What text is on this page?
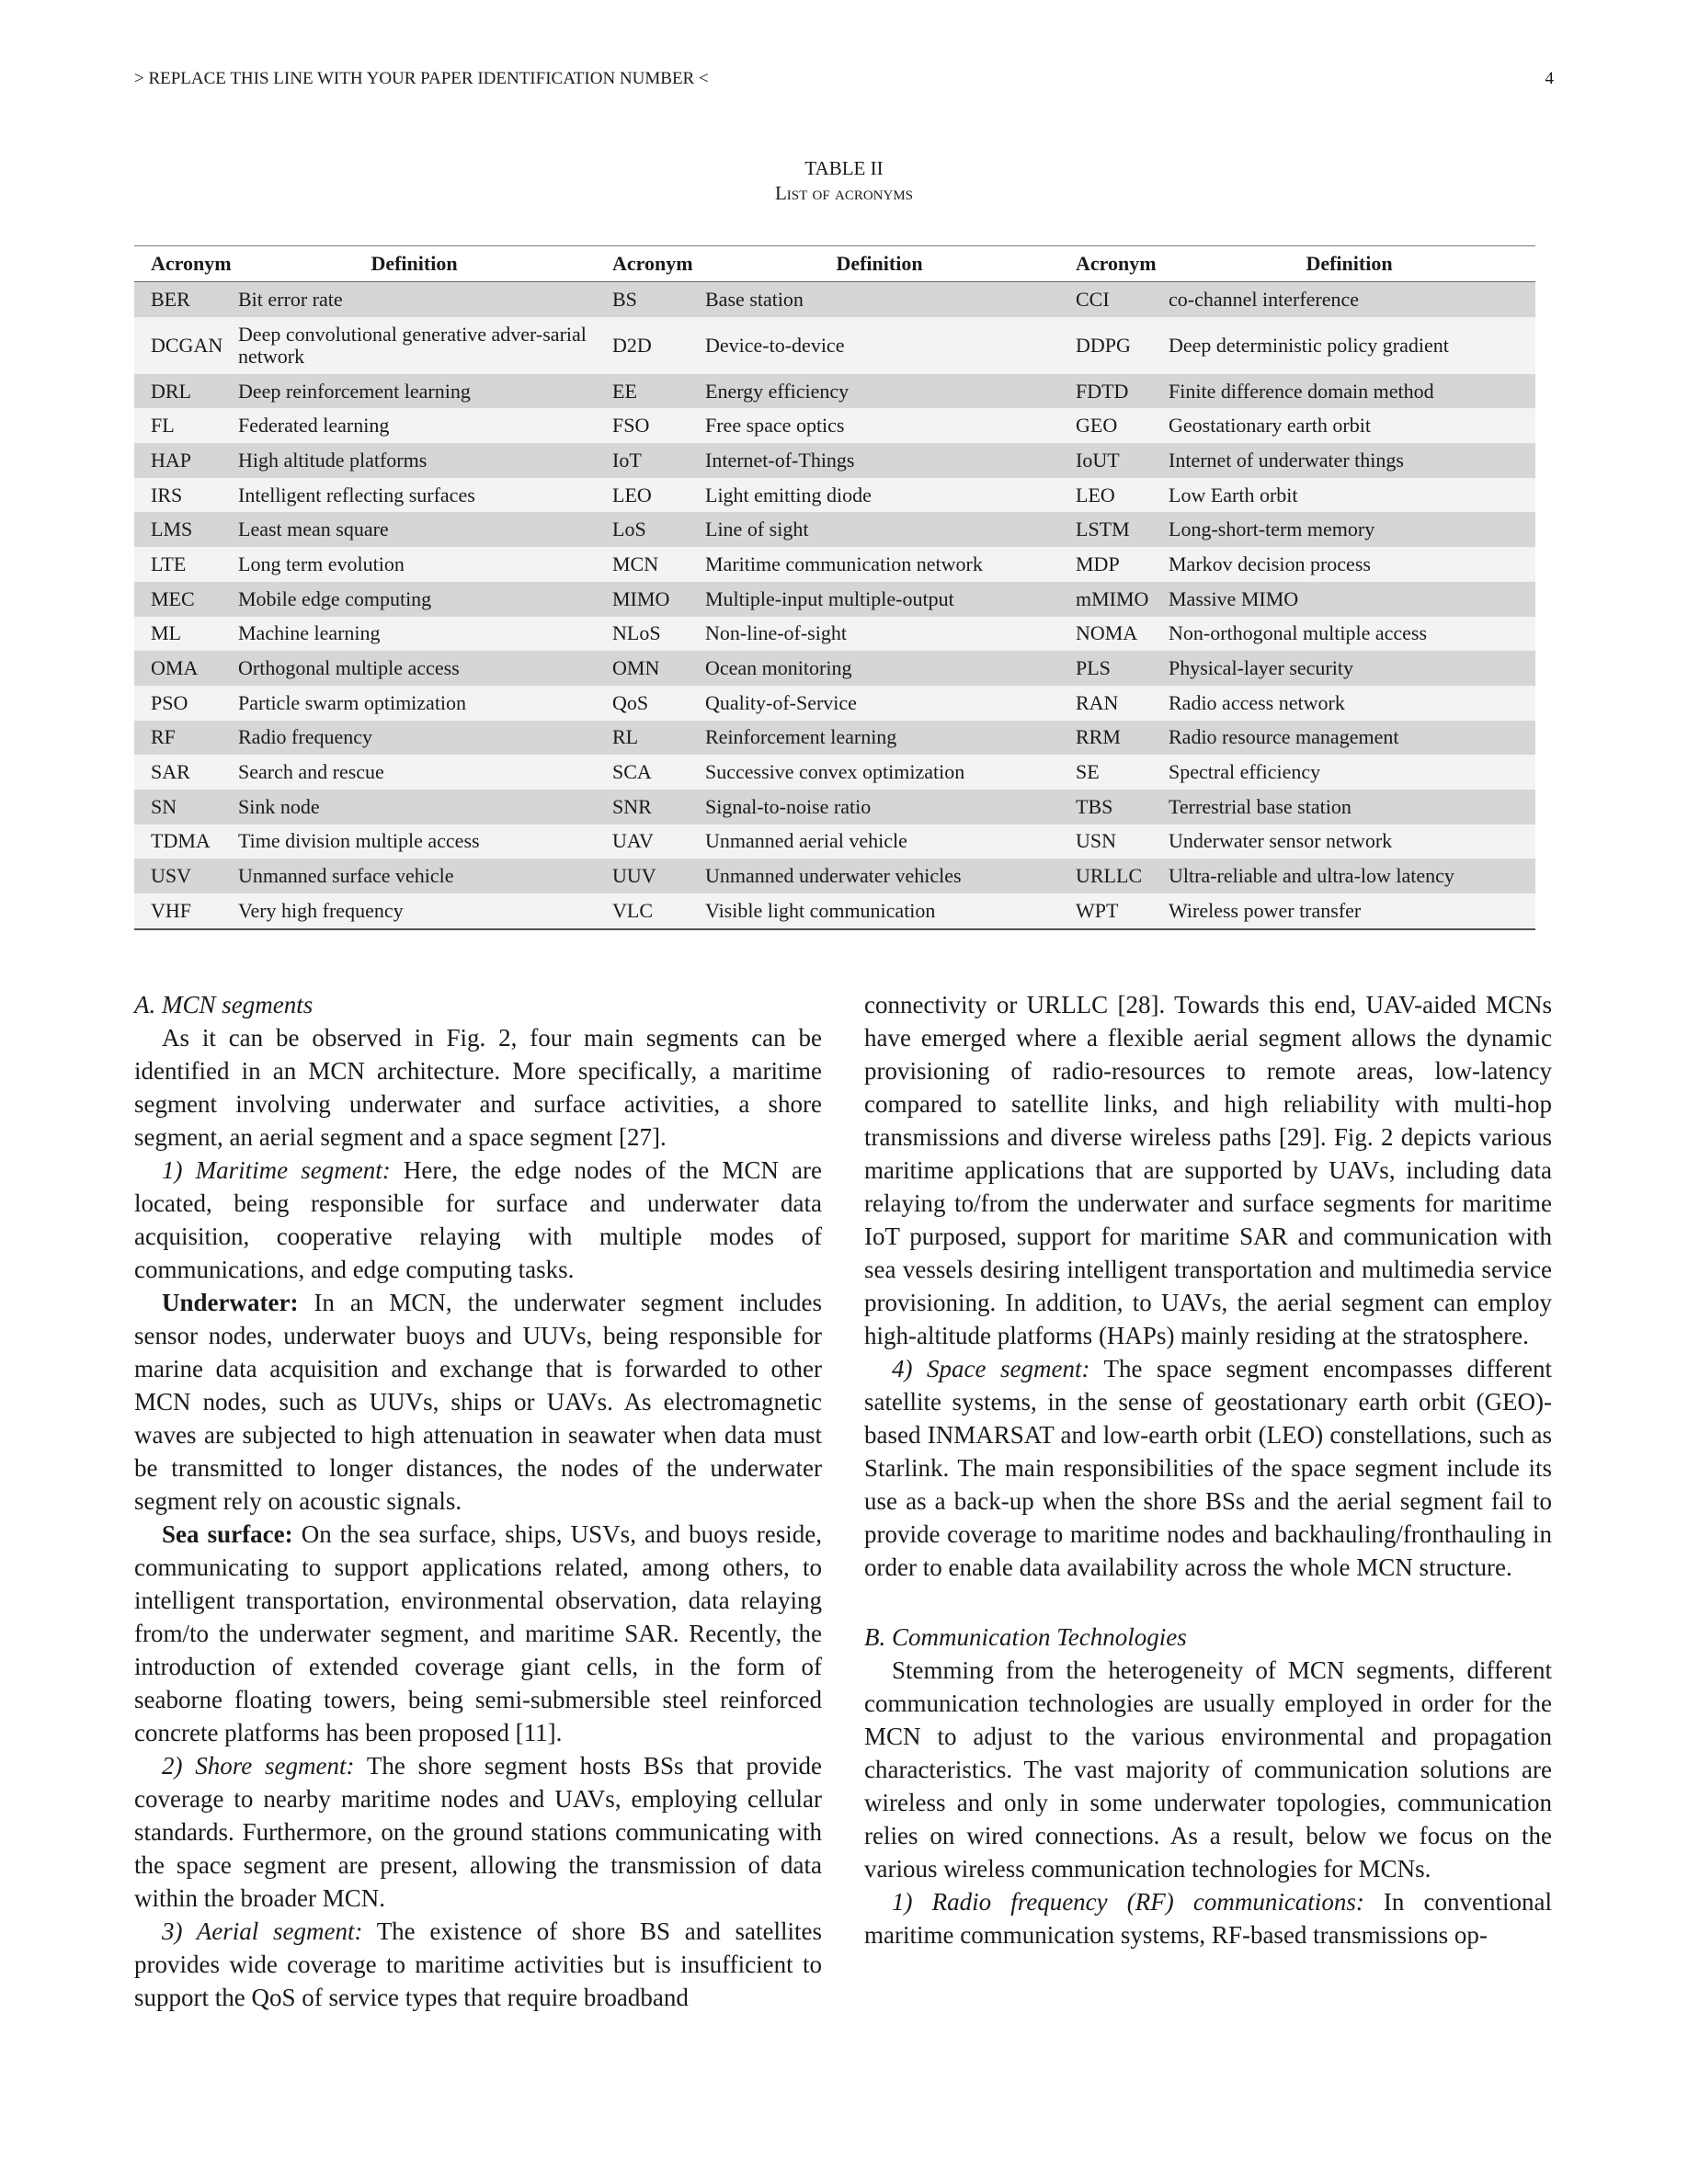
> REPLACE THIS LINE WITH YOUR PAPER IDENTIFICATION NUMBER <	4
TABLE II
List of acronyms
Acronym	Definition	Acronym	Definition	Acronym	Definition
BER	Bit error rate	BS	Base station	CCI	co-channel interference
DCGAN	Deep convolutional generative adver-sarial network	D2D	Device-to-device	DDPG	Deep deterministic policy gradient
DRL	Deep reinforcement learning	EE	Energy efficiency	FDTD	Finite difference domain method
FL	Federated learning	FSO	Free space optics	GEO	Geostationary earth orbit
HAP	High altitude platforms	IoT	Internet-of-Things	IoUT	Internet of underwater things
IRS	Intelligent reflecting surfaces	LEO	Light emitting diode	LEO	Low Earth orbit
LMS	Least mean square	LoS	Line of sight	LSTM	Long-short-term memory
LTE	Long term evolution	MCN	Maritime communication network	MDP	Markov decision process
MEC	Mobile edge computing	MIMO	Multiple-input multiple-output	mMIMO	Massive MIMO
ML	Machine learning	NLoS	Non-line-of-sight	NOMA	Non-orthogonal multiple access
OMA	Orthogonal multiple access	OMN	Ocean monitoring	PLS	Physical-layer security
PSO	Particle swarm optimization	QoS	Quality-of-Service	RAN	Radio access network
RF	Radio frequency	RL	Reinforcement learning	RRM	Radio resource management
SAR	Search and rescue	SCA	Successive convex optimization	SE	Spectral efficiency
SN	Sink node	SNR	Signal-to-noise ratio	TBS	Terrestrial base station
TDMA	Time division multiple access	UAV	Unmanned aerial vehicle	USN	Underwater sensor network
USV	Unmanned surface vehicle	UUV	Unmanned underwater vehicles	URLLC	Ultra-reliable and ultra-low latency
VHF	Very high frequency	VLC	Visible light communication	WPT	Wireless power transfer
A. MCN segments

As it can be observed in Fig. 2, four main segments can be identified in an MCN architecture. More specifically, a maritime segment involving underwater and surface activities, a shore segment, an aerial segment and a space segment [27].

1) Maritime segment: Here, the edge nodes of the MCN are located, being responsible for surface and underwater data acquisition, cooperative relaying with multiple modes of communications, and edge computing tasks.

Underwater: In an MCN, the underwater segment includes sensor nodes, underwater buoys and UUVs, being responsible for marine data acquisition and exchange that is forwarded to other MCN nodes, such as UUVs, ships or UAVs. As electromagnetic waves are subjected to high attenuation in seawater when data must be transmitted to longer distances, the nodes of the underwater segment rely on acoustic signals.

Sea surface: On the sea surface, ships, USVs, and buoys reside, communicating to support applications related, among others, to intelligent transportation, environmental observation, data relaying from/to the underwater segment, and maritime SAR. Recently, the introduction of extended coverage giant cells, in the form of seaborne floating towers, being semi-submersible steel reinforced concrete platforms has been proposed [11].

2) Shore segment: The shore segment hosts BSs that provide coverage to nearby maritime nodes and UAVs, employing cellular standards. Furthermore, on the ground stations communicating with the space segment are present, allowing the transmission of data within the broader MCN.

3) Aerial segment: The existence of shore BS and satellites provides wide coverage to maritime activities but is insufficient to support the QoS of service types that require broadband

connectivity or URLLC [28]. Towards this end, UAV-aided MCNs have emerged where a flexible aerial segment allows the dynamic provisioning of radio-resources to remote areas, low-latency compared to satellite links, and high reliability with multi-hop transmissions and diverse wireless paths [29]. Fig. 2 depicts various maritime applications that are supported by UAVs, including data relaying to/from the underwater and surface segments for maritime IoT purposed, support for maritime SAR and communication with sea vessels desiring intelligent transportation and multimedia service provisioning. In addition, to UAVs, the aerial segment can employ high-altitude platforms (HAPs) mainly residing at the stratosphere.

4) Space segment: The space segment encompasses different satellite systems, in the sense of geostationary earth orbit (GEO)-based INMARSAT and low-earth orbit (LEO) constellations, such as Starlink. The main responsibilities of the space segment include its use as a back-up when the shore BSs and the aerial segment fail to provide coverage to maritime nodes and backhauling/fronthauling in order to enable data availability across the whole MCN structure.

B. Communication Technologies

Stemming from the heterogeneity of MCN segments, different communication technologies are usually employed in order for the MCN to adjust to the various environmental and propagation characteristics. The vast majority of communication solutions are wireless and only in some underwater topologies, communication relies on wired connections. As a result, below we focus on the various wireless communication technologies for MCNs.

1) Radio frequency (RF) communications: In conventional maritime communication systems, RF-based transmissions op-
